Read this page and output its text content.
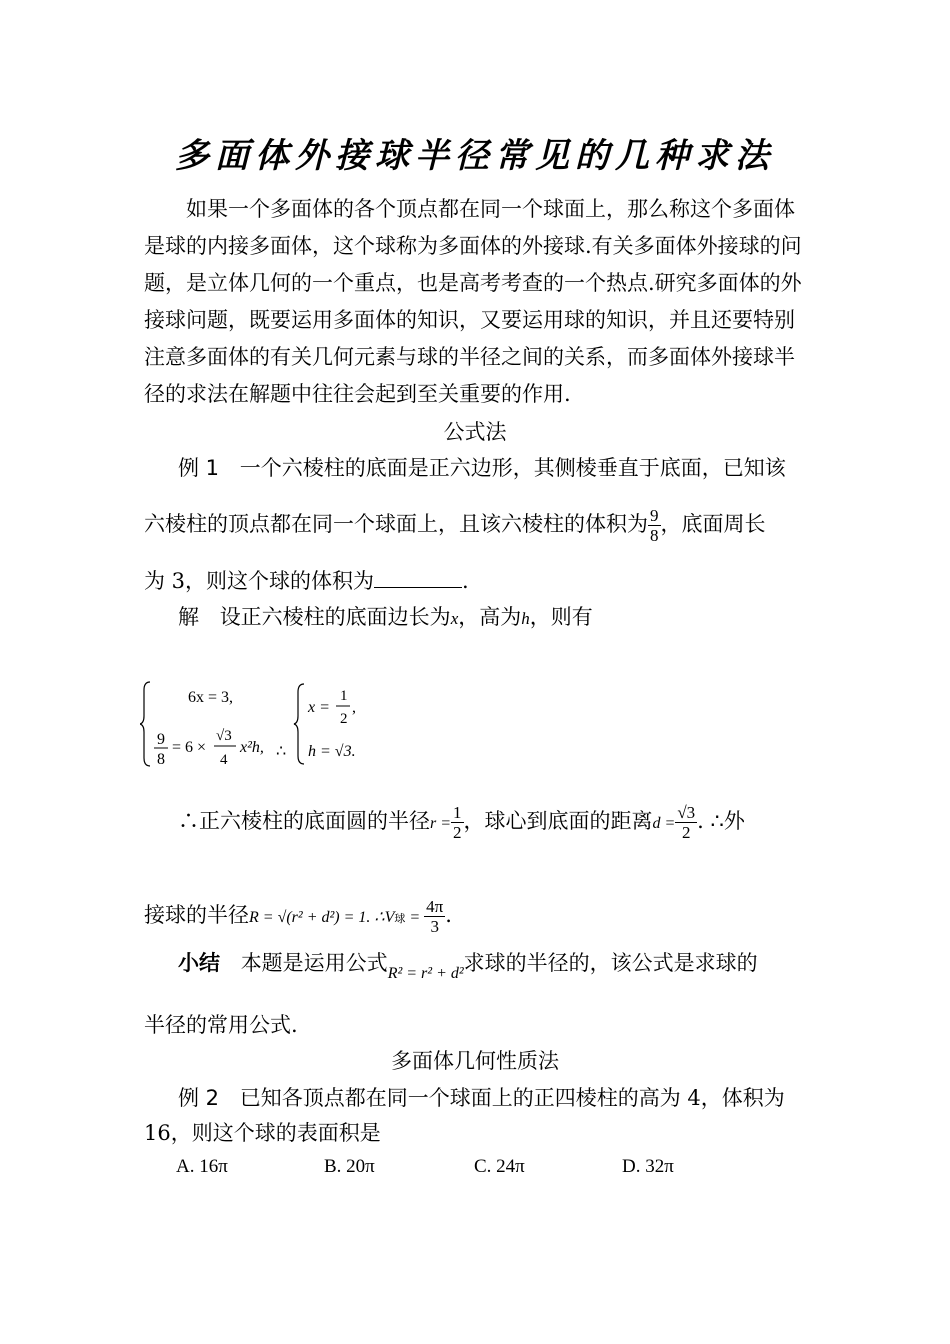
多面体外接球半径常见的几种求法
如果一个多面体的各个顶点都在同一个球面上，那么称这个多面体是球的内接多面体，这个球称为多面体的外接球.有关多面体外接球的问题，是立体几何的一个重点，也是高考考查的一个热点.研究多面体的外接球问题，既要运用多面体的知识，又要运用球的知识，并且还要特别注意多面体的有关几何元素与球的半径之间的关系，而多面体外接球半径的求法在解题中往往会起到至关重要的作用.
公式法
例 1 一个六棱柱的底面是正六边形，其侧棱垂直于底面，已知该
六棱柱的顶点都在同一个球面上，且该六棱柱的体积为 $\frac{9}{8}$ ，底面周长
为 3，则这个球的体积为	.
解 设正六棱柱的底面边长为x，高为h，则有
6x = 3,
9
8
= 6 ×
√3
4
x²h, ∴
x =
1
2
,
h = √3.
∴正六棱柱的底面圆的半径$r = \frac{1}{2}$ ，球心到底面的距离$d = \frac{√3}{2}$ . ∴外
接球的半径R = √(r² + d²) = 1. ∴V球 = $\frac{4\pi}{3}$ .
小结 本题是运用公式$_{R^2 = r^2 + d^2}$求球的半径的，该公式是求球的
半径的常用公式.
多面体几何性质法
例 2 已知各顶点都在同一个球面上的正四棱柱的高为 4，体积为
16，则这个球的表面积是
A. 16π	B. 20π	C. 24π	D. 32π
